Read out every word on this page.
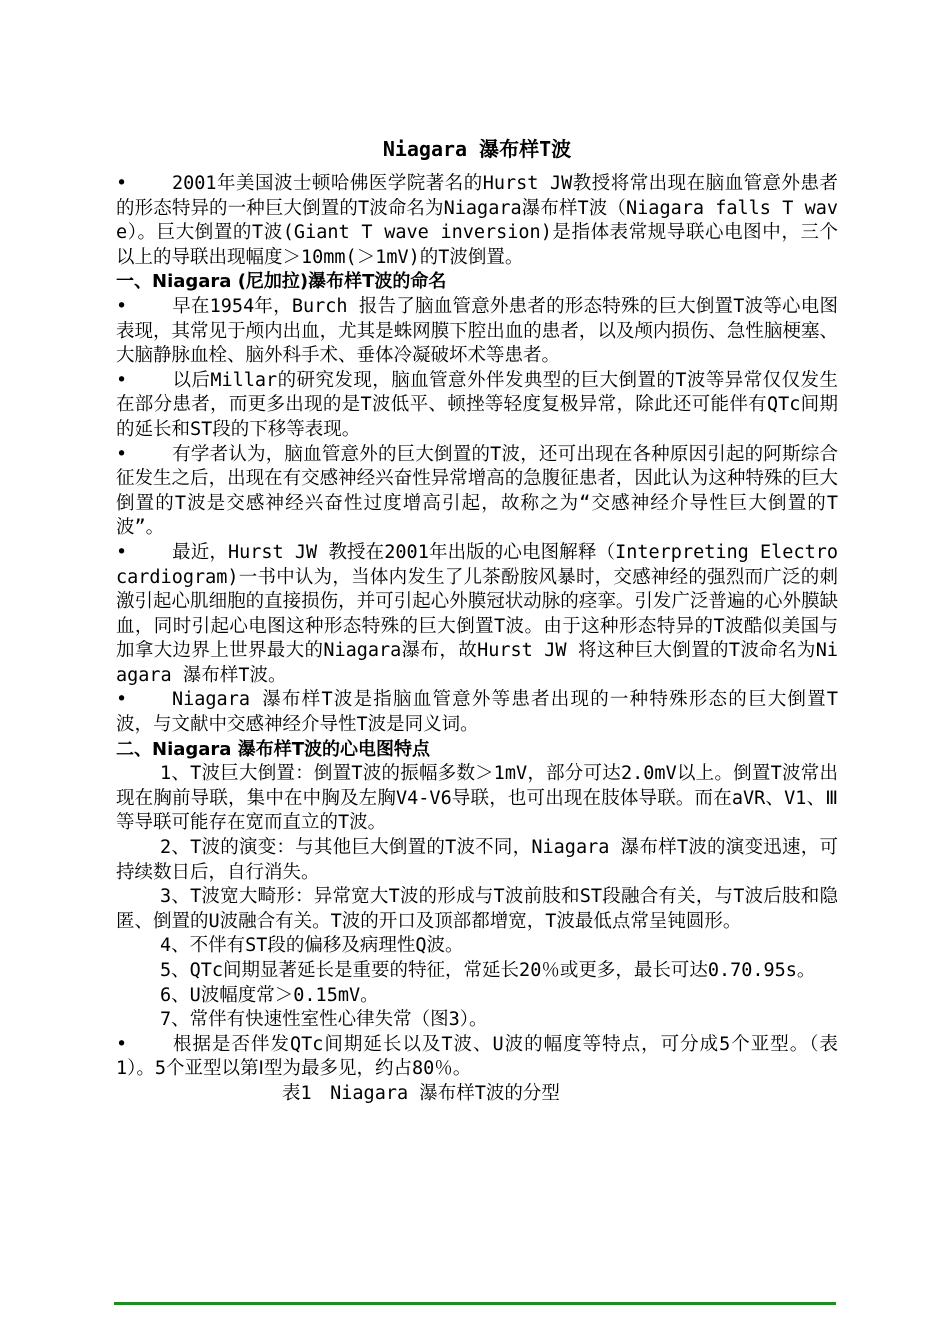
Niagara 瀑布样T波

• 2001年美国波士顿哈佛医学院著名的Hurst JW教授将常出现在脑血管意外患者的形态特异的一种巨大倒置的T波命名为Niagara瀑布样T波（Niagara falls T wave）。巨大倒置的T波(Giant T wave inversion)是指体表常规导联心电图中，三个以上的导联出现幅度＞10mm(＞1mV)的T波倒置。

一、Niagara (尼加拉)瀑布样T波的命名

• 早在1954年，Burch 报告了脑血管意外患者的形态特殊的巨大倒置T波等心电图表现，其常见于颅内出血，尤其是蛛网膜下腔出血的患者，以及颅内损伤、急性脑梗塞、大脑静脉血栓、脑外科手术、垂体冷凝破坏术等患者。

• 以后Millar的研究发现，脑血管意外伴发典型的巨大倒置的T波等异常仅仅发生在部分患者，而更多出现的是T波低平、顿挫等轻度复极异常，除此还可能伴有QTc间期的延长和ST段的下移等表现。

• 有学者认为，脑血管意外的巨大倒置的T波，还可出现在各种原因引起的阿斯综合征发生之后，出现在有交感神经兴奋性异常增高的急腹征患者，因此认为这种特殊的巨大倒置的T波是交感神经兴奋性过度增高引起，故称之为“交感神经介导性巨大倒置的T波”。

• 最近，Hurst JW 教授在2001年出版的心电图解释（Interpreting Electrocardiogram)一书中认为，当体内发生了儿茶酚胺风暴时，交感神经的强烈而广泛的刺激引起心肌细胞的直接损伤，并可引起心外膜冠状动脉的痉挛。引发广泛普遍的心外膜缺血，同时引起心电图这种形态特殊的巨大倒置T波。由于这种形态特异的T波酷似美国与加拿大边界上世界最大的Niagara瀑布，故Hurst JW 将这种巨大倒置的T波命名为Niagara 瀑布样T波。

• Niagara 瀑布样T波是指脑血管意外等患者出现的一种特殊形态的巨大倒置T波，与文献中交感神经介导性T波是同义词。

二、Niagara 瀑布样T波的心电图特点

1、T波巨大倒置：倒置T波的振幅多数＞1mV，部分可达2.0mV以上。倒置T波常出现在胸前导联，集中在中胸及左胸V4-V6导联，也可出现在肢体导联。而在aVR、V1、Ⅲ等导联可能存在宽而直立的T波。

2、T波的演变：与其他巨大倒置的T波不同，Niagara 瀑布样T波的演变迅速，可持续数日后，自行消失。

3、T波宽大畸形：异常宽大T波的形成与T波前肢和ST段融合有关，与T波后肢和隐匿、倒置的U波融合有关。T波的开口及顶部都增宽，T波最低点常呈钝圆形。

4、不伴有ST段的偏移及病理性Q波。

5、QTc间期显著延长是重要的特征，常延长20％或更多，最长可达0.70.95s。

6、U波幅度常＞0.15mV。

7、常伴有快速性室性心律失常（图3）。

• 根据是否伴发QTc间期延长以及T波、U波的幅度等特点，可分成5个亚型。（表1）。5个亚型以第Ⅰ型为最多见，约占80％。

表1　Niagara 瀑布样T波的分型
